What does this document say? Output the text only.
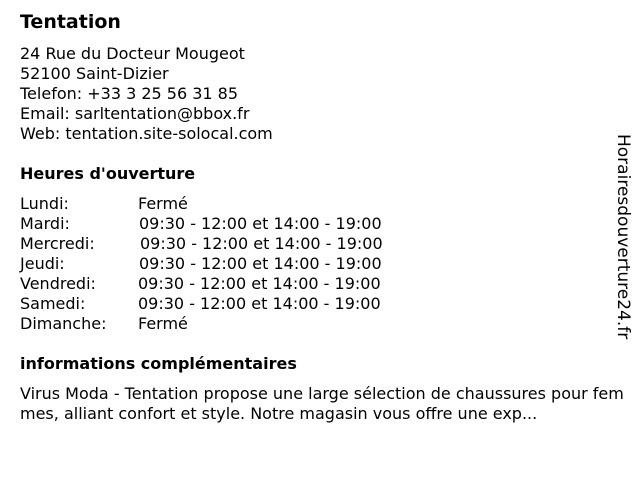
Tentation
24 Rue du Docteur Mougeot
52100 Saint-Dizier
Telefon: +33 3 25 56 31 85
Email: sarltentation@bbox.fr
Web: tentation.site-solocal.com
Heures d'ouverture
Lundi:	Fermé
Mardi:	09:30 - 12:00 et 14:00 - 19:00
Mercredi:	09:30 - 12:00 et 14:00 - 19:00
Jeudi:	09:30 - 12:00 et 14:00 - 19:00
Vendredi:	09:30 - 12:00 et 14:00 - 19:00
Samedi:	09:30 - 12:00 et 14:00 - 19:00
Dimanche: Fermé
informations complémentaires
Virus Moda - Tentation propose une large sélection de chaussures pour femmes, alliant confort et style. Notre magasin vous offre une exp...
Horairesdouverture24.fr
